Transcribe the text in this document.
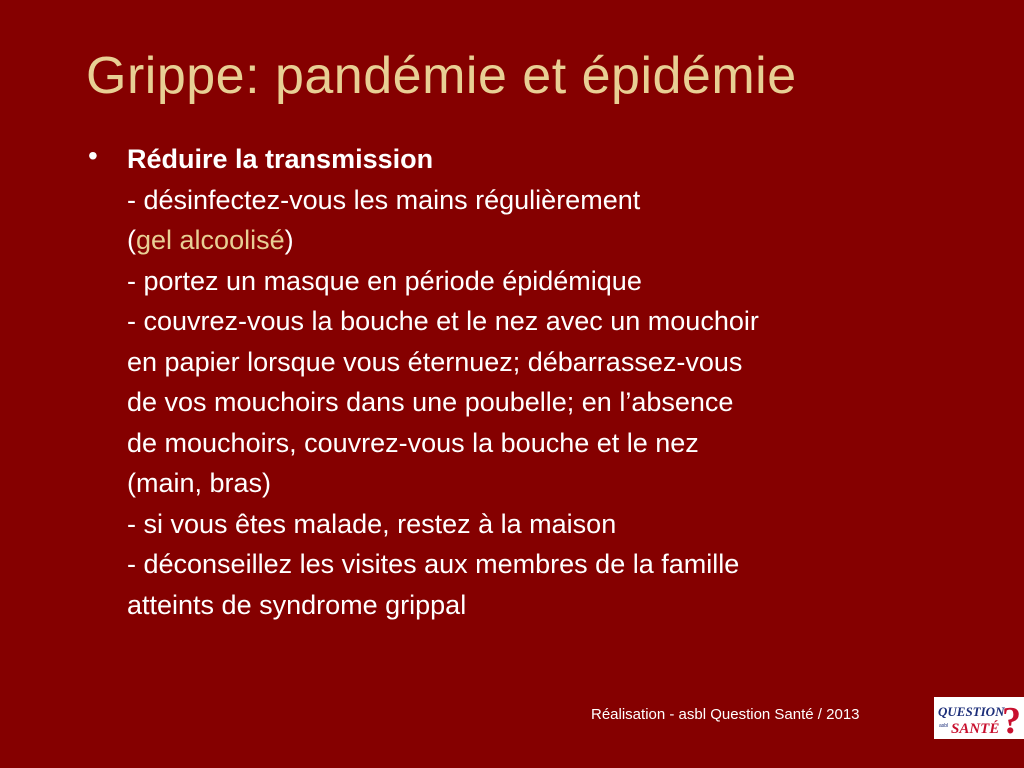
Grippe: pandémie et épidémie
• Réduire la transmission
- désinfectez-vous les mains régulièrement
(gel alcoolisé)
- portez un masque en période épidémique
- couvrez-vous la bouche et le nez avec un mouchoir
en papier lorsque vous éternuez; débarrassez-vous
de vos mouchoirs dans une poubelle; en l’absence
de mouchoirs, couvrez-vous la bouche et le nez
(main, bras)
- si vous êtes malade, restez à la maison
- déconseillez les visites aux membres de la famille
atteints de syndrome grippal
Réalisation - asbl Question Santé / 2013	QUESTION
asbl SANTÉ ?
